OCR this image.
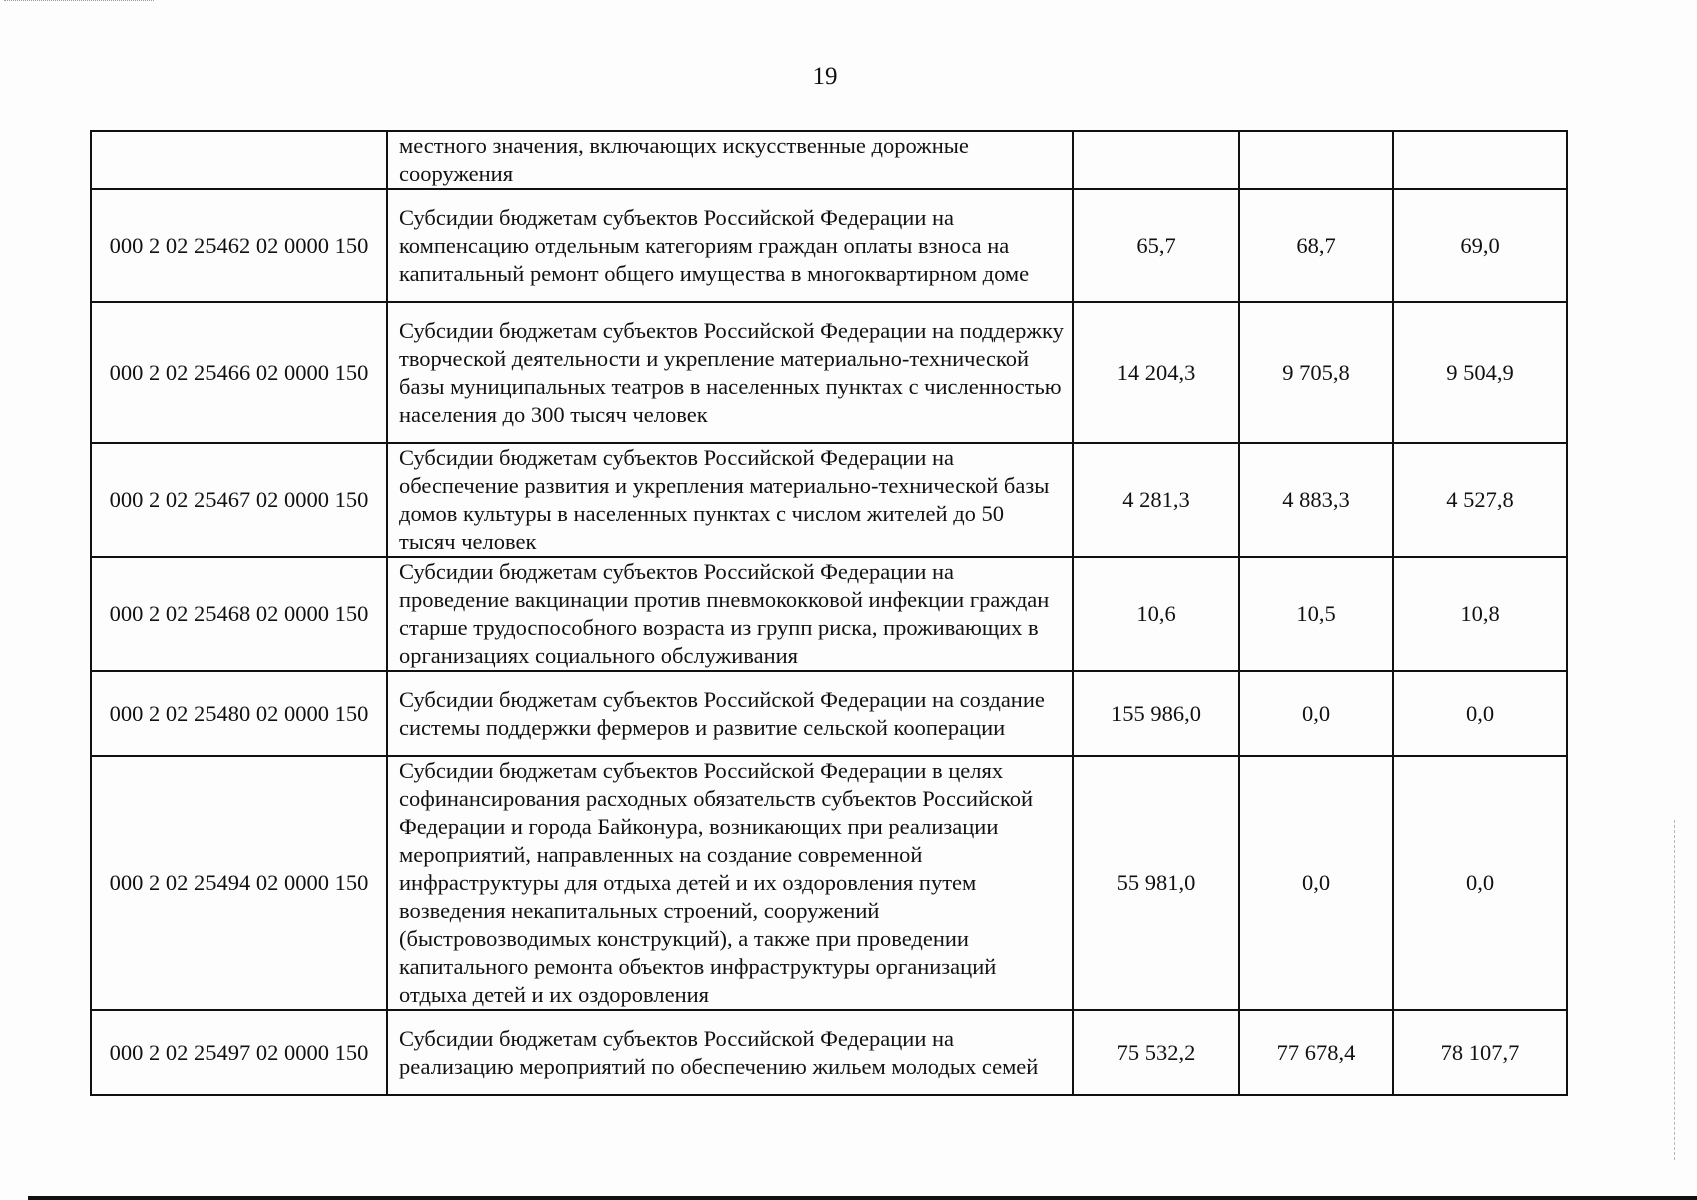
19
	местного значения, включающих искусственные дорожные сооружения			
000 2 02 25462 02 0000 150	Субсидии бюджетам субъектов Российской Федерации на компенсацию отдельным категориям граждан оплаты взноса на капитальный ремонт общего имущества в многоквартирном доме	65,7	68,7	69,0
000 2 02 25466 02 0000 150	Субсидии бюджетам субъектов Российской Федерации на поддержку творческой деятельности и укрепление материально-технической базы муниципальных театров в населенных пунктах с численностью населения до 300 тысяч человек	14 204,3	9 705,8	9 504,9
000 2 02 25467 02 0000 150	Субсидии бюджетам субъектов Российской Федерации на обеспечение развития и укрепления материально-технической базы домов культуры в населенных пунктах с числом жителей до 50 тысяч человек	4 281,3	4 883,3	4 527,8
000 2 02 25468 02 0000 150	Субсидии бюджетам субъектов Российской Федерации на проведение вакцинации против пневмококковой инфекции граждан старше трудоспособного возраста из групп риска, проживающих в организациях социального обслуживания	10,6	10,5	10,8
000 2 02 25480 02 0000 150	Субсидии бюджетам субъектов Российской Федерации на создание системы поддержки фермеров и развитие сельской кооперации	155 986,0	0,0	0,0
000 2 02 25494 02 0000 150	Субсидии бюджетам субъектов Российской Федерации в целях софинансирования расходных обязательств субъектов Российской Федерации и города Байконура, возникающих при реализации мероприятий, направленных на создание современной инфраструктуры для отдыха детей и их оздоровления путем возведения некапитальных строений, сооружений (быстровозводимых конструкций), а также при проведении капитального ремонта объектов инфраструктуры организаций отдыха детей и их оздоровления	55 981,0	0,0	0,0
000 2 02 25497 02 0000 150	Субсидии бюджетам субъектов Российской Федерации на реализацию мероприятий по обеспечению жильем молодых семей	75 532,2	77 678,4	78 107,7
